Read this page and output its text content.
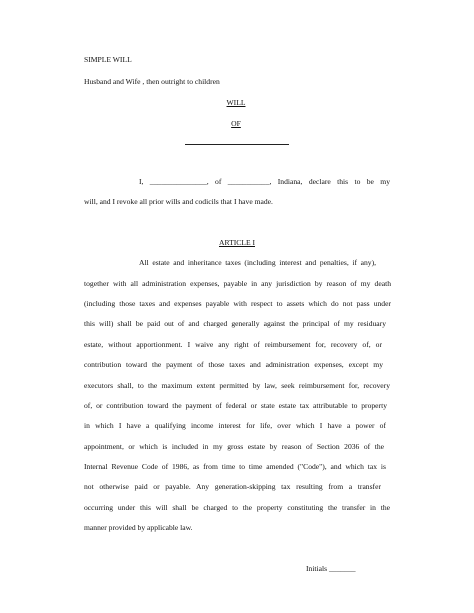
SIMPLE WILL
Husband and Wife , then outright to children
WILL
OF
I, _______________, of ___________, Indiana, declare this to be my
will, and I revoke all prior wills and codicils that I have made.
ARTICLE I
All estate and inheritance taxes (including interest and penalties, if any),
together with all administration expenses, payable in any jurisdiction by reason of my death
(including those taxes and expenses payable with respect to assets which do not pass under
this will) shall be paid out of and charged generally against the principal of my residuary
estate, without apportionment. I waive any right of reimbursement for, recovery of, or
contribution toward the payment of those taxes and administration expenses, except my
executors shall, to the maximum extent permitted by law, seek reimbursement for, recovery
of, or contribution toward the payment of federal or state estate tax attributable to property
in which I have a qualifying income interest for life, over which I have a power of
appointment, or which is included in my gross estate by reason of Section 2036 of the
Internal Revenue Code of 1986, as from time to time amended ("Code"), and which tax is
not otherwise paid or payable. Any generation-skipping tax resulting from a transfer
occurring under this will shall be charged to the property constituting the transfer in the
manner provided by applicable law.
Initials _______
